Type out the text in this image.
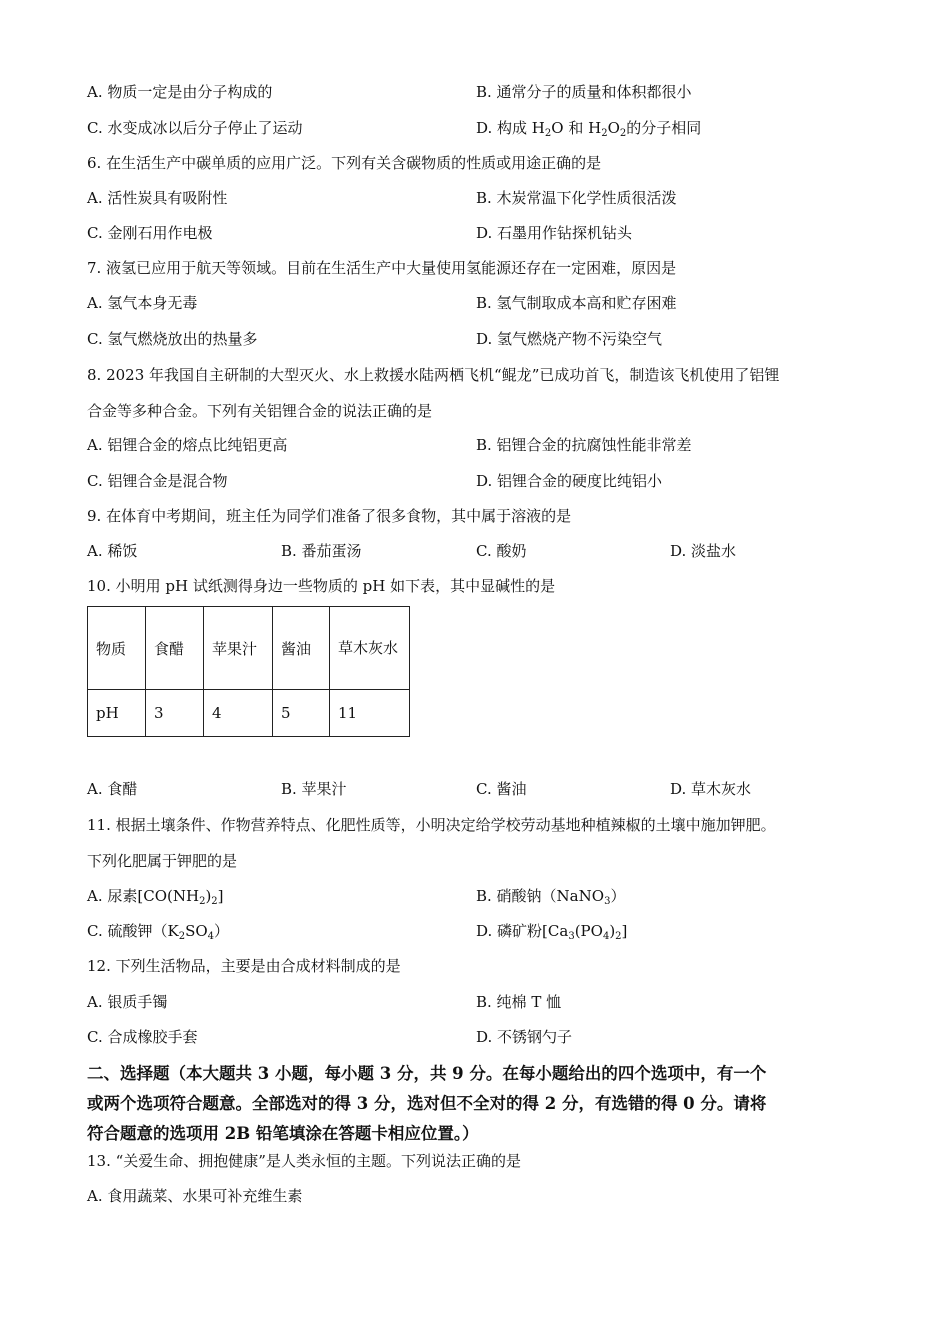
A. 物质一定是由分子构成的	B. 通常分子的质量和体积都很小
C. 水变成冰以后分子停止了运动	D. 构成 $H_2O$ 和 $H_2O_2$的分子相同
6. 在生活生产中碳单质的应用广泛。下列有关含碳物质的性质或用途正确的是
A. 活性炭具有吸附性	B. 木炭常温下化学性质很活泼
C. 金刚石用作电极	D. 石墨用作钻探机钻头
7. 液氢已应用于航天等领域。目前在生活生产中大量使用氢能源还存在一定困难，原因是
A. 氢气本身无毒	B. 氢气制取成本高和贮存困难
C. 氢气燃烧放出的热量多	D. 氢气燃烧产物不污染空气
8. 2023 年我国自主研制的大型灭火、水上救援水陆两栖飞机“鲲龙”已成功首飞，制造该飞机使用了铝锂
合金等多种合金。下列有关铝锂合金的说法正确的是
A. 铝锂合金的熔点比纯铝更高	B. 铝锂合金的抗腐蚀性能非常差
C. 铝锂合金是混合物	D. 铝锂合金的硬度比纯铝小
9. 在体育中考期间，班主任为同学们准备了很多食物，其中属于溶液的是
A. 稀饭	B. 番茄蛋汤	C. 酸奶	D. 淡盐水
10. 小明用 pH 试纸测得身边一些物质的 pH 如下表，其中显碱性的是
物质	食醋	苹果汁	酱油	草木灰水
pH	3	4	5	11
A. 食醋	B. 苹果汁	C. 酱油	D. 草木灰水
11. 根据土壤条件、作物营养特点、化肥性质等，小明决定给学校劳动基地种植辣椒的土壤中施加钾肥。
下列化肥属于钾肥的是
A. 尿素$[CO(NH_2)_2]$	B. 硝酸钠（NaNO$_3$）
C. 硫酸钾$(K_2SO_4)$	D. 磷矿粉$[Ca_3(PO_4)_2]$
12. 下列生活物品，主要是由合成材料制成的是
A. 银质手镯	B. 纯棉 T 恤
C. 合成橡胶手套	D. 不锈钢勺子
二、选择题（本大题共 3 小题，每小题 3 分，共 9 分。在每小题给出的四个选项中，有一个
或两个选项符合题意。全部选对的得 3 分，选对但不全对的得 2 分，有选错的得 0 分。请将
符合题意的选项用 2B 铅笔填涂在答题卡相应位置。）
13. “关爱生命、拥抱健康”是人类永恒的主题。下列说法正确的是
A. 食用蔬菜、水果可补充维生素
